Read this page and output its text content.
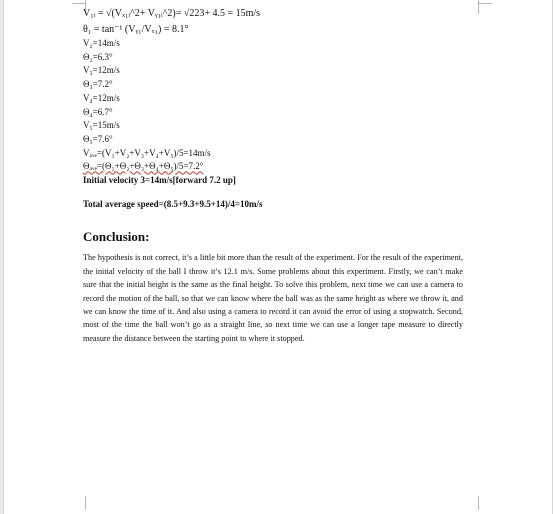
V₁ᵢ = √(Vₓ₁ᵢ^2+ Vᵧ₁ᵢ^2)= √223+ 4.5 = 15m/s
θ₁ = tan⁻¹ (Vᵧ₁/Vₓ₁) = 8.1°
V₂=14m/s
Θ₂=6.3°
V₃=12m/s
Θ₃=7.2°
V₄=12m/s
Θ₄=6.7°
V₅=15m/s
Θ₅=7.6°
Vₐᵥₑ=(V₁+V₂+V₃+V₄+V₅)/5=14m/s
Θₐᵥₑ=(Θ₁+Θ₂+Θ₃+Θ₄+Θ₅)/5=7.2°
Initial velocity 3=14m/s[forward 7.2 up]
Total average speed=(8.5+9.3+9.5+14)/4=10m/s
Conclusion:
The hypothesis is not correct, it’s a little bit more than the result of the experiment. For the result of the experiment, the initial velocity of the ball I throw it’s 12.1 m/s. Some problems about this experiment. Firstly, we can’t make sure that the initial height is the same as the final height. To solve this problem, next time we can use a camera to record the motion of the ball, so that we can know where the ball was as the same height as where we throw it, and we can know the time of it. And also using a camera to record it can avoid the error of using a stopwatch. Second, most of the time the ball won’t go as a straight line, so next time we can use a longer tape measure to directly measure the distance between the starting point to where it stopped.
